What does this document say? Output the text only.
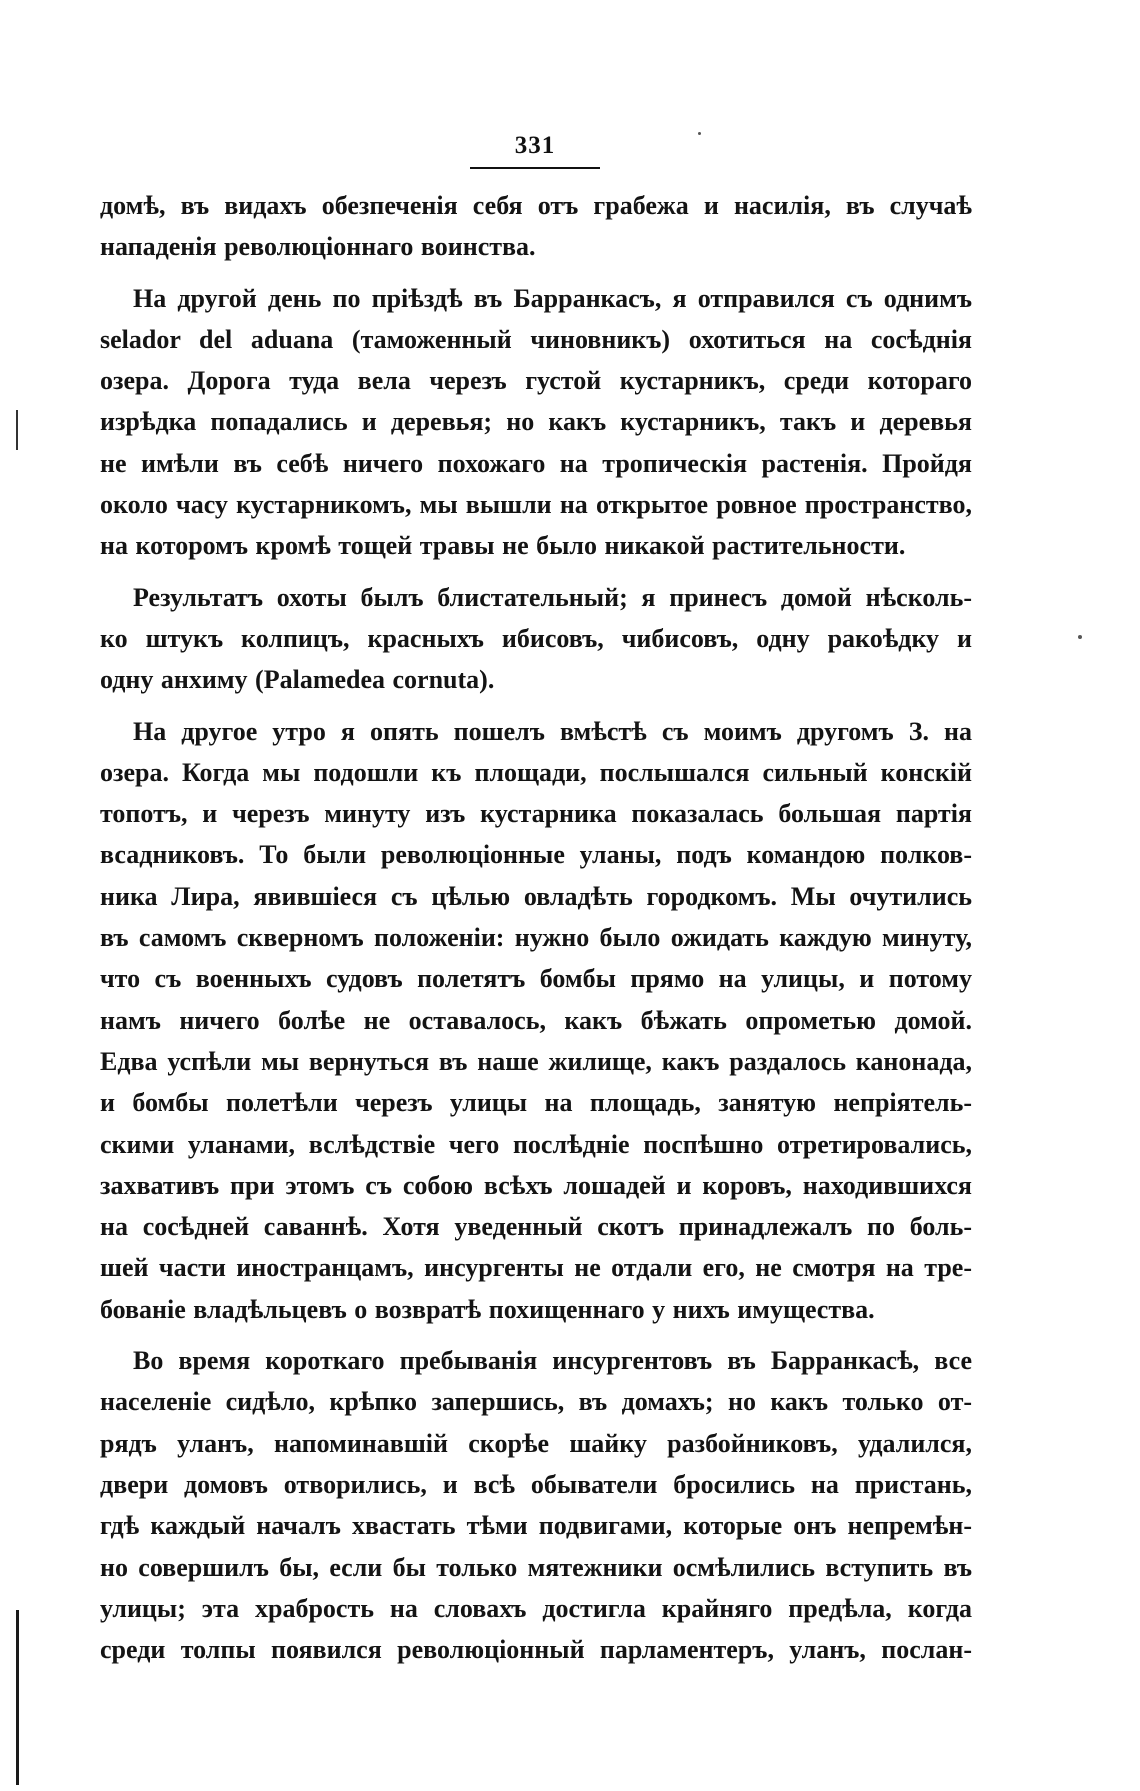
331
домѣ, въ видахъ обезпеченія себя отъ грабежа и насилія, въ случаѣ
нападенія революціоннаго воинства.
На другой день по пріѣздѣ въ Барранкасъ, я отправился съ однимъ
selador del aduana (таможенный чиновникъ) охотиться на сосѣднія
озера. Дорога туда вела черезъ густой кустарникъ, среди котораго
изрѣдка попадались и деревья; но какъ кустарникъ, такъ и деревья
не имѣли въ себѣ ничего похожаго на тропическія растенія. Пройдя
около часу кустарникомъ, мы вышли на открытое ровное пространство,
на которомъ кромѣ тощей травы не было никакой растительности.
Результатъ охоты былъ блистательный; я принесъ домой нѣсколь-
ко штукъ колпицъ, красныхъ ибисовъ, чибисовъ, одну ракоѣдку и
одну анхиму (Palamedea cornuta).
На другое утро я опять пошелъ вмѣстѣ съ моимъ другомъ З. на
озера. Когда мы подошли къ площади, послышался сильный конскій
топотъ, и черезъ минуту изъ кустарника показалась большая партія
всадниковъ. То были революціонные уланы, подъ командою полков-
ника Лира, явившіеся съ цѣлью овладѣть городкомъ. Мы очутились
въ самомъ скверномъ положеніи: нужно было ожидать каждую минуту,
что съ военныхъ судовъ полетятъ бомбы прямо на улицы, и потому
намъ ничего болѣе не оставалось, какъ бѣжать опрометью домой.
Едва успѣли мы вернуться въ наше жилище, какъ раздалось канонада,
и бомбы полетѣли черезъ улицы на площадь, занятую непріятель-
скими уланами, вслѣдствіе чего послѣдніе поспѣшно отретировались,
захвативъ при этомъ съ собою всѣхъ лошадей и коровъ, находившихся
на сосѣдней саваннѣ. Хотя уведенный скотъ принадлежалъ по боль-
шей части иностранцамъ, инсургенты не отдали его, не смотря на тре-
бованіе владѣльцевъ о возвратѣ похищеннаго у нихъ имущества.
Во время короткаго пребыванія инсургентовъ въ Барранкасѣ, все
населеніе сидѣло, крѣпко запершись, въ домахъ; но какъ только от-
рядъ уланъ, напоминавшій скорѣе шайку разбойниковъ, удалился,
двери домовъ отворились, и всѣ обыватели бросились на пристань,
гдѣ каждый началъ хвастать тѣми подвигами, которые онъ непремѣн-
но совершилъ бы, если бы только мятежники осмѣлились вступить въ
улицы; эта храбрость на словахъ достигла крайняго предѣла, когда
среди толпы появился революціонный парламентеръ, уланъ, послан-
